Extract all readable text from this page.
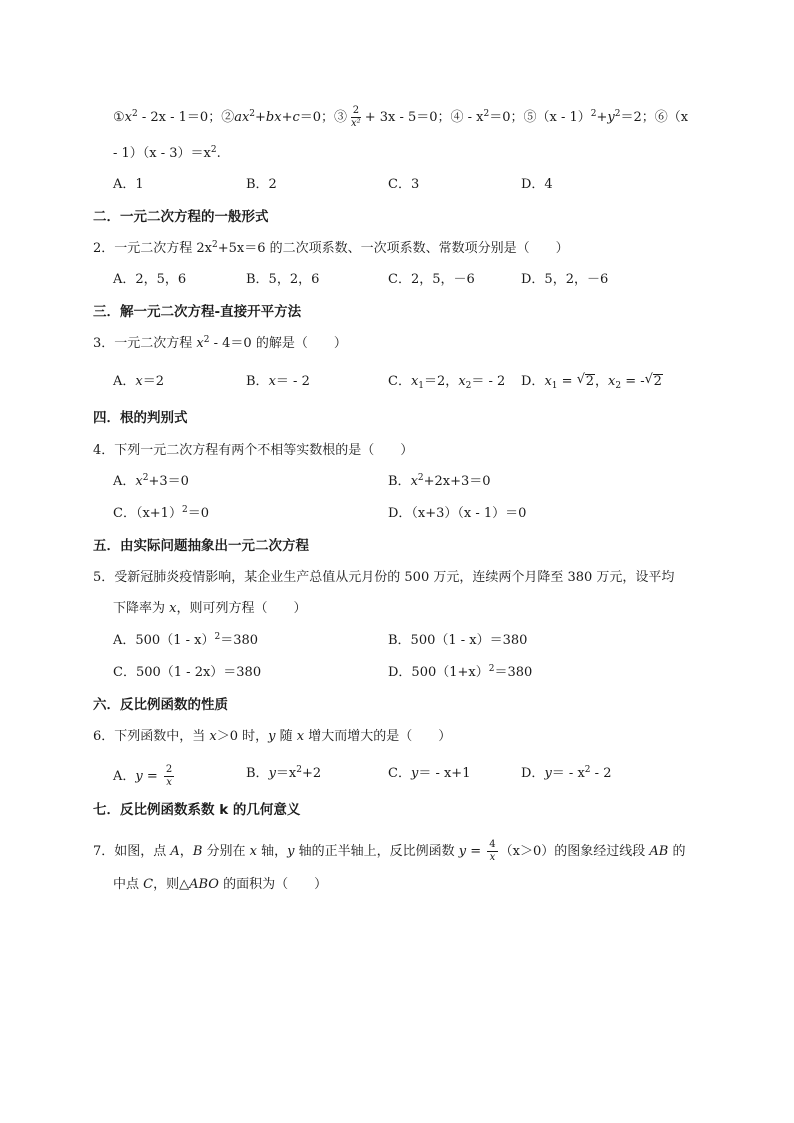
$①x^2 - 2x - 1=0$；$②ax^2+bx+c=0$；③ $\frac{2}{\text{x²}} + 3x - 5=0$；④ - $x^2=0$；⑤（x - $1)^2+y^2=2$；⑥（x
- $1)(x - 3)=x^2$.
A．1	B．2	C．3	D．4
二．一元二次方程的一般形式
2．一元二次方程 $2x^2+5x=6$ 的二次项系数、一次项系数、常数项分别是（　　）
A．2，5，6	B．5，2，6	C．2，5，－6	D．5，2，－6
三．解一元二次方程-直接开平方法
3．一元二次方程 $x^2 - 4=0$ 的解是（　　）
A．x＝2	B．x＝ - 2	C．$x_1=2$，$x_2= - 2$ D．$x_1$ = √ 2，$x_2$ = -√ 2
四．根的判别式
4．下列一元二次方程有两个不相等实数根的是（　　）
A．$x^2+3=0$	B．$x^2+2x+3=0$
C．$(x+1)^2=0$	D．（x+3）（x - 1）＝0
五．由实际问题抽象出一元二次方程
5．受新冠肺炎疫情影响，某企业生产总值从元月份的 500 万元，连续两个月降至 380 万元，设平均
下降率为 x，则可列方程（　　）
A．500（1 - x）$^2$＝380	B．500（1 - x）＝380
C．500（1 - 2x）＝380	D．$500(1+x)^2=380$
六．反比例函数的性质
6．下列函数中，当 x＞0 时，y 随 x 增大而增大的是（　　）
A．$y = \frac{2}{x}$	B．$y=x^2+2$	C．y＝ - x+1	D．$y= - x^2 - 2$
七．反比例函数系数 k 的几何意义
7．如图，点 A，B 分别在 x 轴，y 轴的正半轴上，反比例函数 $y = \frac{4}{x} (x>0)$的图象经过线段 AB 的
中点 C，则△ABO 的面积为（　　）
